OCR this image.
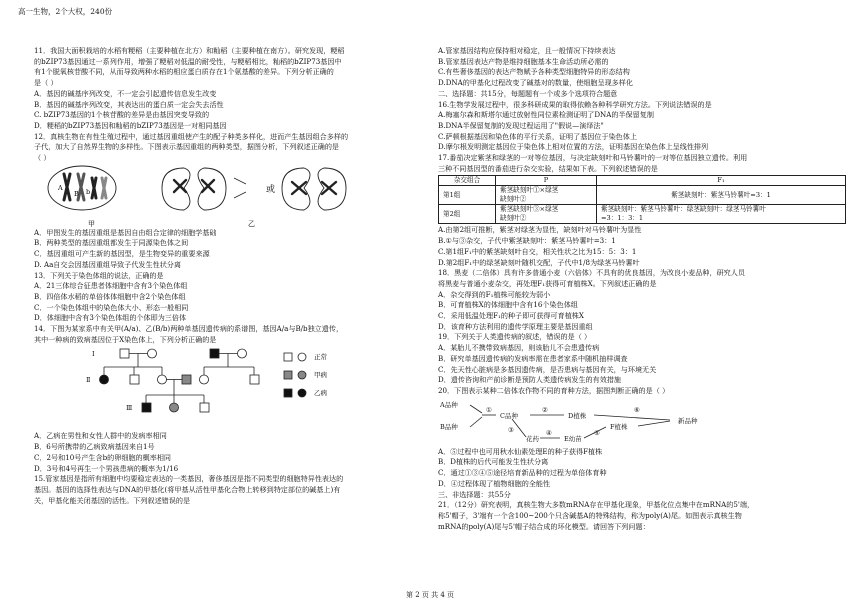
高一生物，2个大权，240份

11．我国大面积栽培的水稻有粳稻（主要种植在北方）和籼稻（主要种植在南方）。研究发现，粳稻

的bZIP73基因通过一系列作用，增强了粳稻对低温的耐受性，与粳稻相比，籼稻的bZIP73基因中

有1个脱氧核苷酸不同，从而导致两种水稻的相应蛋白质存在1个氨基酸的差异。下列分析正确的

是（ ）

A．基因的碱基序列改变，不一定会引起遗传信息发生改变

B．基因的碱基序列改变，其表达出的蛋白质一定会失去活性

C. bZIP73基因的1个核苷酸的差异是由基因突变导致的

D．粳稻的bZIP73基因和籼稻的bZIP73基因是一对相同基因

12．真核生物在有性生殖过程中，通过基因重组使产生的配子种类多样化，进而产生基因组合多样的

子代，加大了自然界生物的多样性。下图表示基因重组的两种类型，据图分析，下列叙述正确的是

（ ）

A	b
B
甲
或
乙

A．甲图发生的基因重组是基因自由组合定律的细胞学基础

B．两种类型的基因重组都发生于同源染色体之间

C．基因重组可产生新的基因型，是生物变异的重要来源

D. Aa自交会因基因重组导致子代发生性状分离

13．下列关于染色体组的说法，正确的是

A．21三体综合征患者体细胞中含有3个染色体组

B．四倍体水稻的单倍体体细胞中含2个染色体组

C．一个染色体组中的染色体大小、形态一般相同

D．体细胞中含有3个染色体组的个体即为三倍体

14．下图为某家系中有关甲(A/a)、乙(B/b)两种单基因遗传病的系谱图，基因A/a与B/b独立遗传，

其中一种病的致病基因位于X染色体上，下列分析正确的是

Ⅰ
Ⅱ
Ⅲ
正常
甲病
乙病

A．乙病在男性和女性人群中的发病率相同

B．6号所携带的乙病致病基因来自1号

C．2号和10号产生含b的卵细胞的概率相同

D．3号和4号再生一个男孩患病的概率为1/16

15.管家基因是指所有细胞中均要稳定表达的一类基因，奢侈基因是指不同类型的细胞特异性表达的

基因。基因的选择性表达与DNA的甲基化(将甲基从活性甲基化合物上转移到特定部位的碱基上)有

关，甲基化能关闭基因的活性。下列叙述错误的是

A.管家基因结构应保持相对稳定，且一般情况下持续表达

B.管家基因表达产物是维持细胞基本生命活动所必需的

C.有些奢侈基因的表达产物赋予各种类型细胞特异的形态结构

D.DNA的甲基化过程改变了碱基对的数量，使细胞呈现多样化

二、选择题：共15分，每题题有一个或多个选项符合题意

16.生物学发展过程中，很多科研成果的取得依赖各种科学研究方法。下列说法错误的是

A.梅塞尔森和斯塔尔通过放射性同位素检测证明了DNA的半保留复制

B.DNA半保留复制的发现过程运用了"假说—演绎法"

C.萨顿根据基因和染色体的平行关系，证明了基因位于染色体上

D.摩尔根发明测定基因位于染色体上相对位置的方法，证明基因在染色体上呈线性排列

17.番茄决定紫茎和绿茎的一对等位基因，与决定缺刻叶和马铃薯叶的一对等位基因独立遗传。利用

三种不同基因型的番茄进行杂交实验，结果如下表。下列叙述错误的是

杂交组合	P	F₁
第1组	紫茎缺刻叶①×绿茎
缺刻叶②	紫茎缺刻叶：紫茎马铃薯叶=3：1
第2组	紫茎缺刻叶③×绿茎
缺刻叶②	紫茎缺刻叶：紫茎马铃薯叶：绿茎缺刻叶：绿茎马铃薯叶
=3：1：3：1

A.由第2组可推断，紫茎对绿茎为显性，缺刻叶对马铃薯叶为显性

B.①与③杂交，子代中紫茎缺刻叶：紫茎马铃薯叶=3：1

C.第1组F₁中的紫茎缺刻叶自交，相关性状之比为15：5：3：1

D.第2组F₁中的绿茎缺刻叶随机交配，子代中1/8为绿茎马铃薯叶

18．黑麦（二倍体）具有许多普通小麦（六倍体）不具有的优良基因，为改良小麦品种，研究人员

将黑麦与普通小麦杂交，再处理F₁获得可育植株X。下列叙述正确的是

A．杂交得到的F₁植株可能较为弱小

B．可育植株X的体细胞中含有16个染色体组

C．采用低温处理F₁的种子即可获得可育植株X

D．该育种方法利用的遗传学原理主要是基因重组

19．下列关于人类遗传病的叙述，错误的是（ ）

A．某胎儿不携带致病基因，则该胎儿不会患遗传病

B．研究单基因遗传病的发病率需在患者家系中随机抽样调查

C．先天性心脏病是多基因遗传病，是否患病与基因有关，与环境无关

D．遗传咨询和产前诊断是预防人类遗传病发生的有效措施

20．下图表示某种二倍体农作物不同的育种方法，据图判断正确的是（ ）

A品种
B品种
C品种	D植株
花药	E幼苗
F植株
新品种
①	②
③	④	⑤
⑥

A．⑤过程中也可用秋水仙素处理E的种子获得F植株

B．D植株的后代可能发生性状分离

C．通过①③④⑤途径培育新品种的过程为单倍体育种

D．④过程体现了植物细胞的全能性

三、非选择题：共55分

21．（12分）研究表明，真核生物大多数mRNA存在甲基化现象，甲基化位点集中在mRNA的5'端，

称5'帽子，3'端有一个含100~200个只含碱基A的特殊结构，称为poly(A)尾。如图表示真核生物

mRNA的poly(A)尾与5'帽子结合成的环化模型。请回答下列问题：

第 2 页 共 4 页
